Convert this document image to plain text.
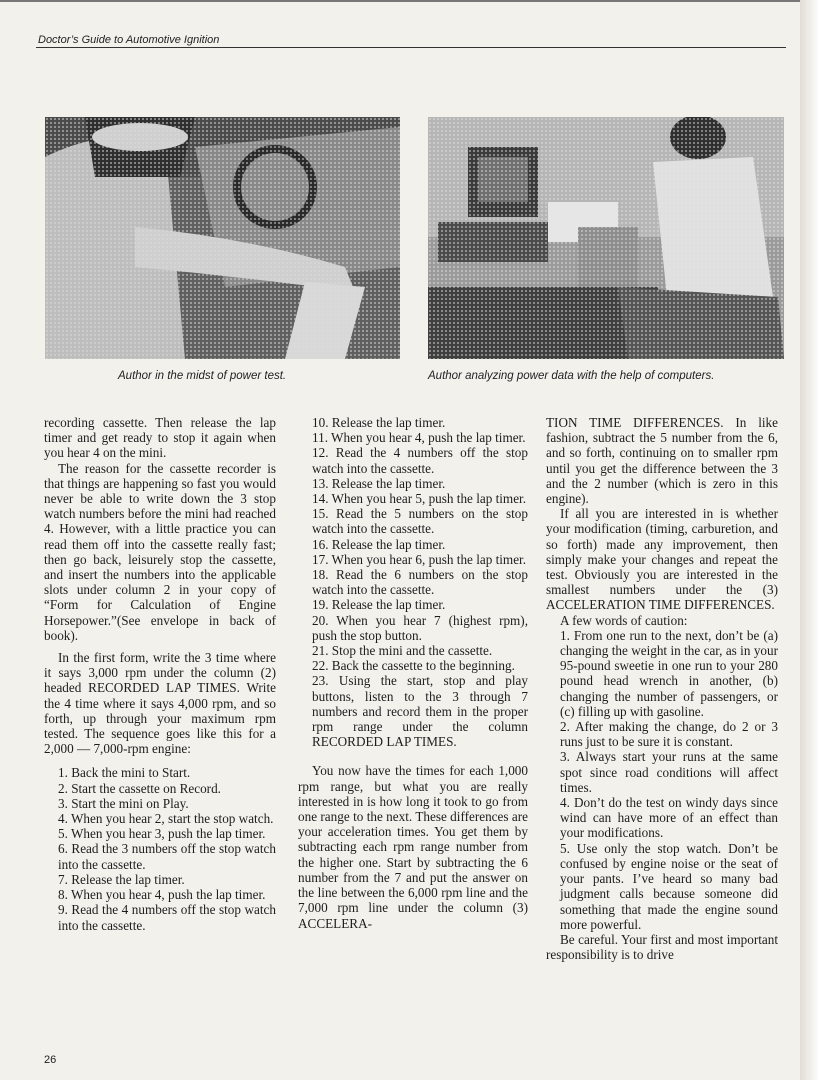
Doctor’s Guide to Automotive Ignition
Author in the midst of power test.	Author analyzing power data with the help of computers.

recording cassette. Then release the lap timer and get ready to stop it again when you hear 4 on the mini.

The reason for the cassette recorder is that things are happening so fast you would never be able to write down the 3 stop watch numbers before the mini had reached 4. However, with a little practice you can read them off into the cassette really fast; then go back, leisurely stop the cassette, and insert the numbers into the applicable slots under column 2 in your copy of “Form for Calculation of Engine Horsepower.”(See envelope in back of book).

In the first form, write the 3 time where it says 3,000 rpm under the column (2) headed RECORDED LAP TIMES. Write the 4 time where it says 4,000 rpm, and so forth, up through your maximum rpm tested. The sequence goes like this for a 2,000 — 7,000-rpm engine:

1. Back the mini to Start.

2. Start the cassette on Record.

3. Start the mini on Play.

4. When you hear 2, start the stop watch.

5. When you hear 3, push the lap timer.

6. Read the 3 numbers off the stop watch into the cassette.

7. Release the lap timer.

8. When you hear 4, push the lap timer.

9. Read the 4 numbers off the stop watch into the cassette.

10. Release the lap timer.

11. When you hear 4, push the lap timer.

12. Read the 4 numbers off the stop watch into the cassette.

13. Release the lap timer.

14. When you hear 5, push the lap timer.

15. Read the 5 numbers on the stop watch into the cassette.

16. Release the lap timer.

17. When you hear 6, push the lap timer.

18. Read the 6 numbers on the stop watch into the cassette.

19. Release the lap timer.

20. When you hear 7 (highest rpm), push the stop button.

21. Stop the mini and the cassette.

22. Back the cassette to the beginning.

23. Using the start, stop and play buttons, listen to the 3 through 7 numbers and record them in the proper rpm range under the column RECORDED LAP TIMES.

You now have the times for each 1,000 rpm range, but what you are really interested in is how long it took to go from one range to the next. These differences are your acceleration times. You get them by subtracting each rpm range number from the higher one. Start by subtracting the 6 number from the 7 and put the answer on the line between the 6,000 rpm line and the 7,000 rpm line under the column (3) ACCELERA-

TION TIME DIFFERENCES. In like fashion, subtract the 5 number from the 6, and so forth, continuing on to smaller rpm until you get the difference between the 3 and the 2 number (which is zero in this engine).

If all you are interested in is whether your modification (timing, carburetion, and so forth) made any improvement, then simply make your changes and repeat the test. Obviously you are interested in the smallest numbers under the (3) ACCELERATION TIME DIFFERENCES.

A few words of caution:

1. From one run to the next, don’t be (a) changing the weight in the car, as in your 95-pound sweetie in one run to your 280 pound head wrench in another, (b) changing the number of passengers, or (c) filling up with gasoline.

2. After making the change, do 2 or 3 runs just to be sure it is constant.

3. Always start your runs at the same spot since road conditions will affect times.

4. Don’t do the test on windy days since wind can have more of an effect than your modifications.

5. Use only the stop watch. Don’t be confused by engine noise or the seat of your pants. I’ve heard so many bad judgment calls because someone did something that made the engine sound more powerful.

Be careful. Your first and most important responsibility is to drive

26
